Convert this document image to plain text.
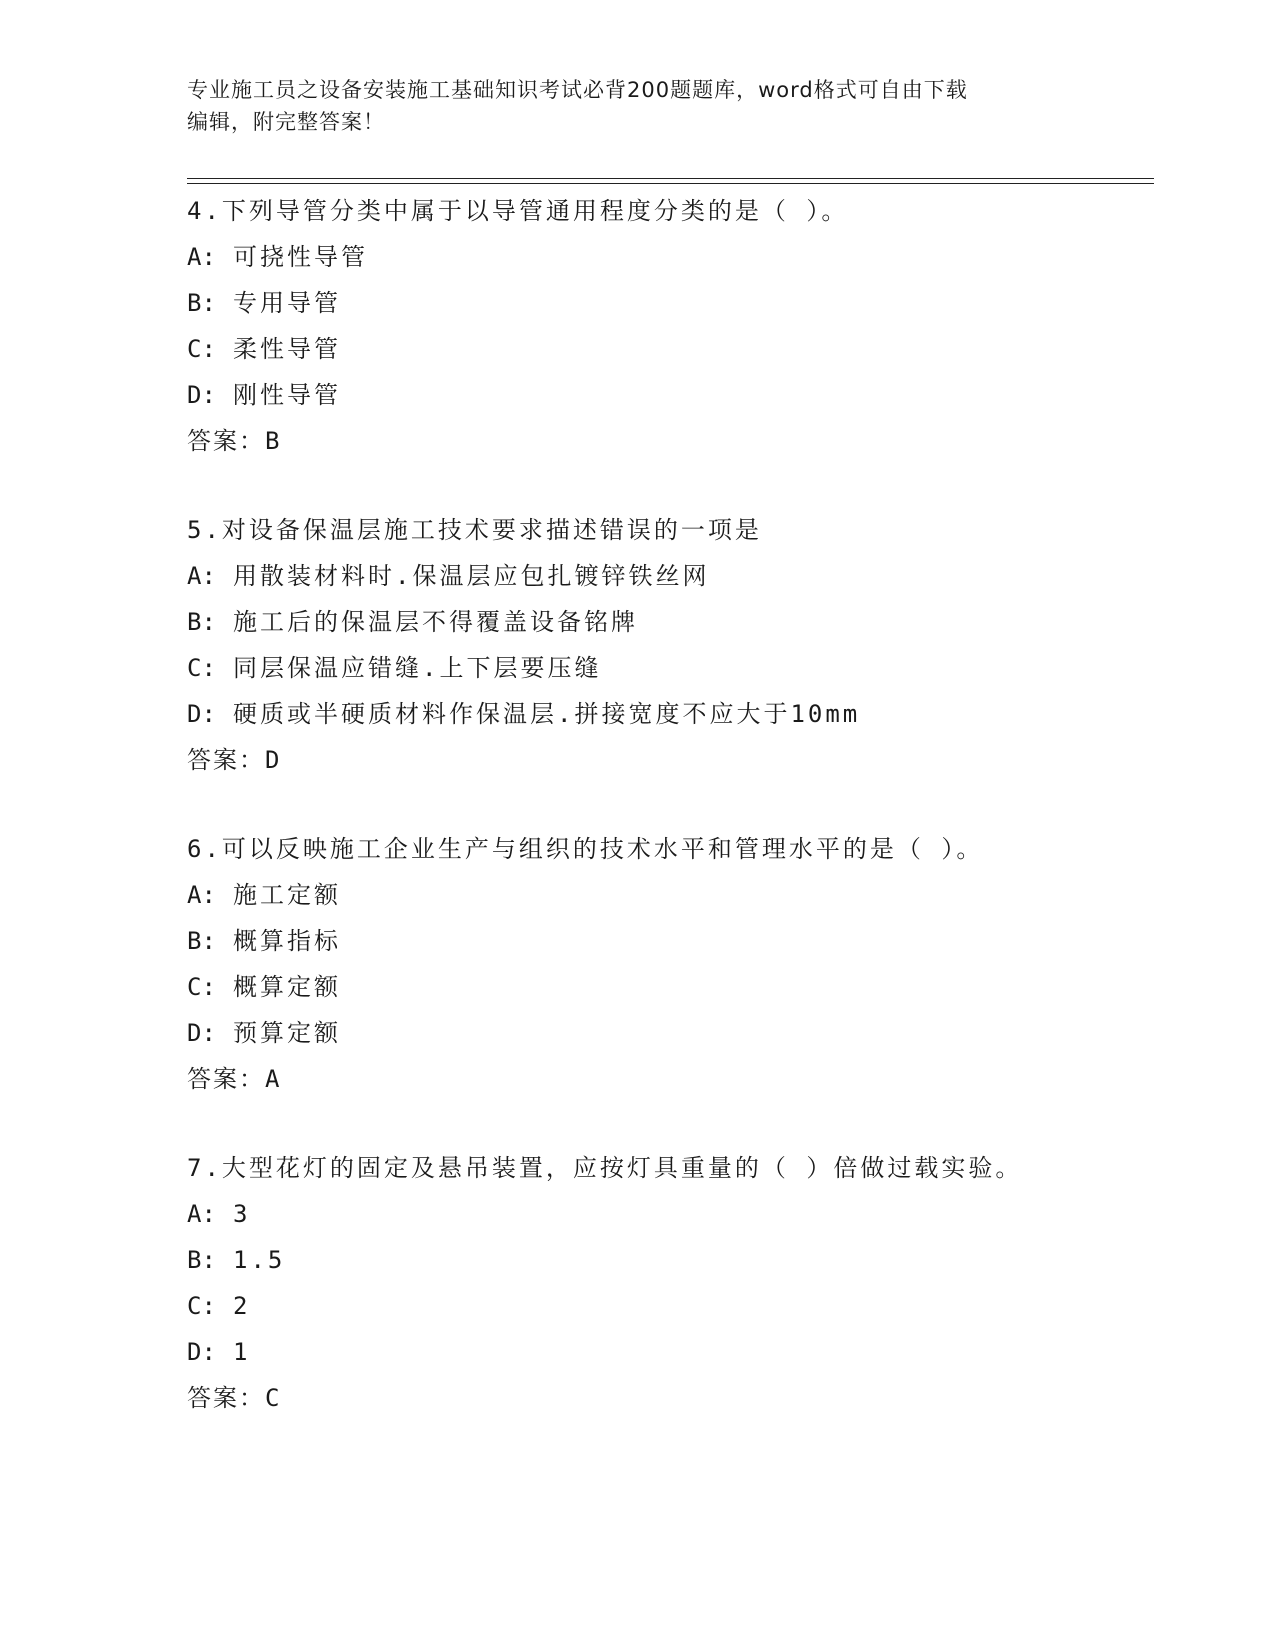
专业施工员之设备安装施工基础知识考试必背200题题库，word格式可自由下载
编辑，附完整答案！
4.下列导管分类中属于以导管通用程度分类的是（ ）。
A: 可挠性导管
B: 专用导管
C: 柔性导管
D: 刚性导管
答案：B
5.对设备保温层施工技术要求描述错误的一项是
A: 用散装材料时.保温层应包扎镀锌铁丝网
B: 施工后的保温层不得覆盖设备铭牌
C: 同层保温应错缝.上下层要压缝
D: 硬质或半硬质材料作保温层.拼接宽度不应大于10mm
答案：D
6.可以反映施工企业生产与组织的技术水平和管理水平的是（ ）。
A: 施工定额
B: 概算指标
C: 概算定额
D: 预算定额
答案：A
7.大型花灯的固定及悬吊装置，应按灯具重量的（ ）倍做过载实验。
A: 3
B: 1.5
C: 2
D: 1
答案：C
